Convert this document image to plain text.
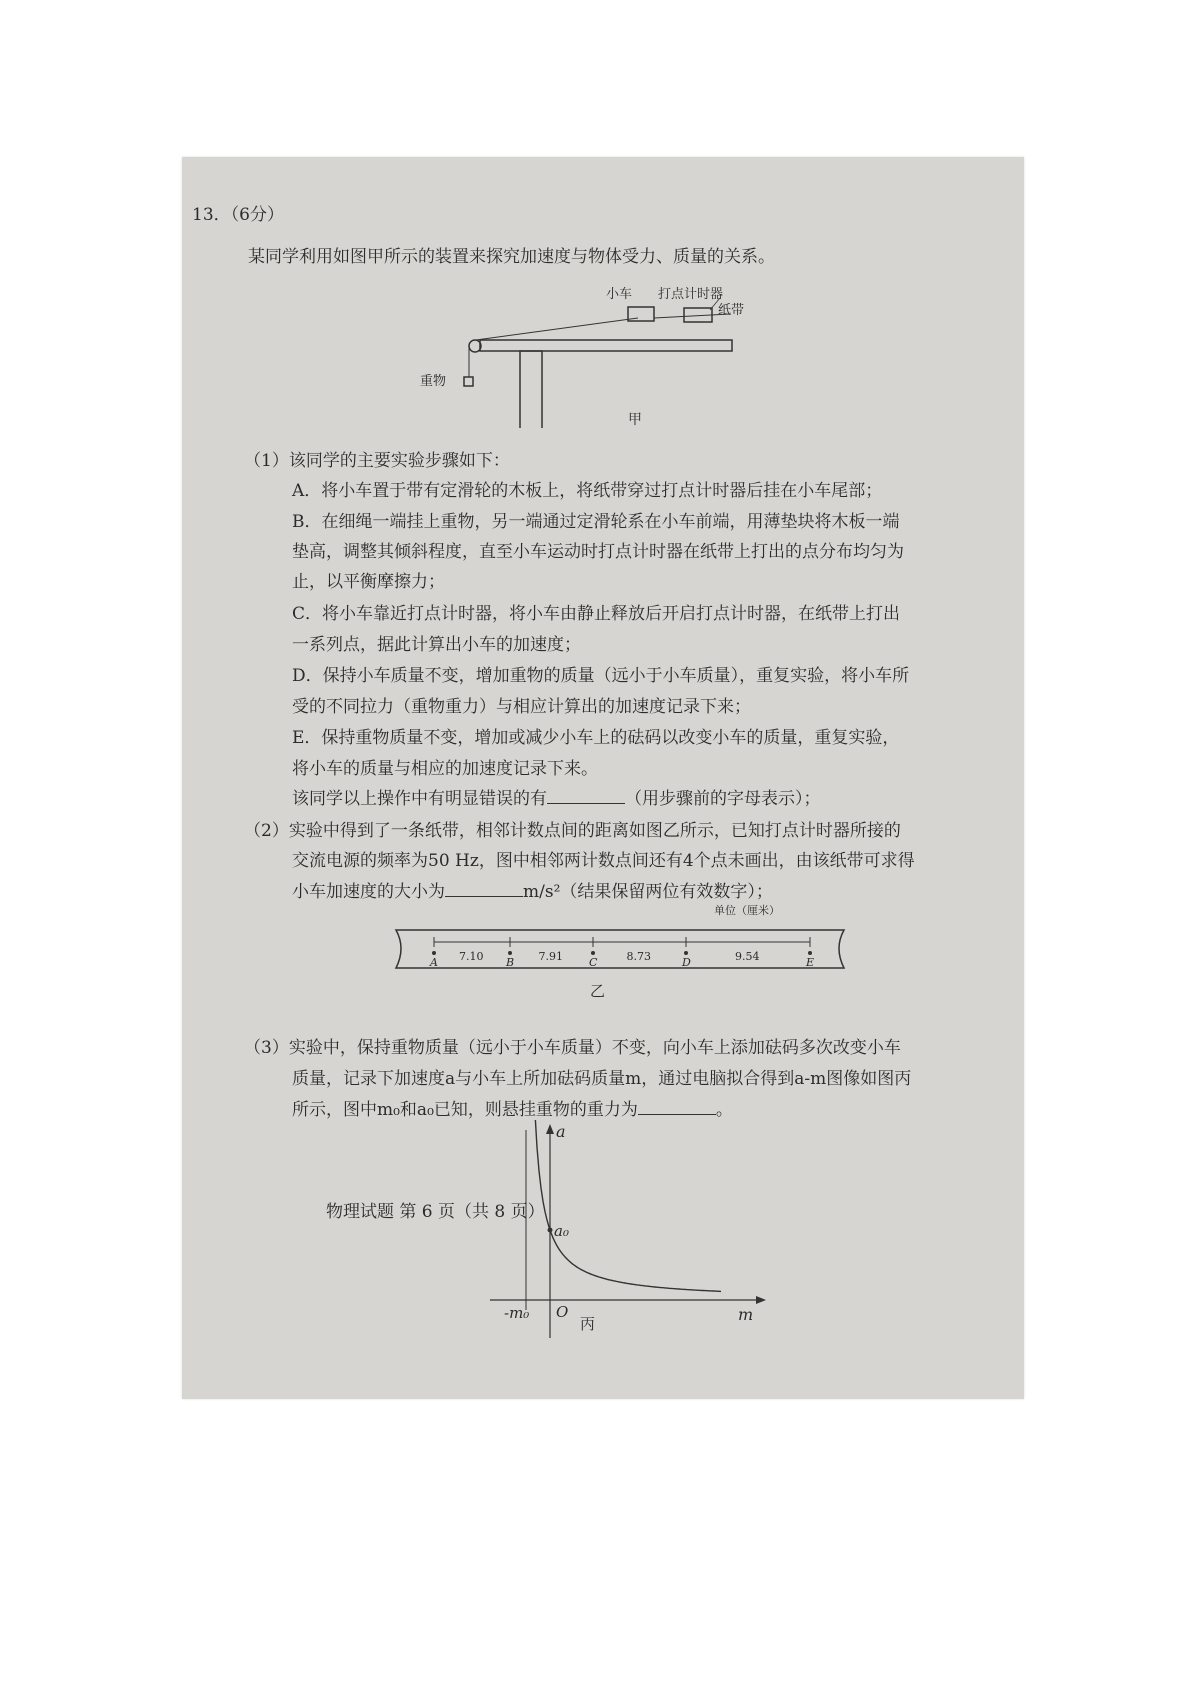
13．（6分）
某同学利用如图甲所示的装置来探究加速度与物体受力、质量的关系。
小车 打点计时器
纸带
重物
甲
（1）该同学的主要实验步骤如下：
A．将小车置于带有定滑轮的木板上，将纸带穿过打点计时器后挂在小车尾部；
B．在细绳一端挂上重物，另一端通过定滑轮系在小车前端，用薄垫块将木板一端
垫高，调整其倾斜程度，直至小车运动时打点计时器在纸带上打出的点分布均匀为
止，以平衡摩擦力；
C．将小车靠近打点计时器，将小车由静止释放后开启打点计时器，在纸带上打出
一系列点，据此计算出小车的加速度；
D．保持小车质量不变，增加重物的质量（远小于小车质量），重复实验，将小车所
受的不同拉力（重物重力）与相应计算出的加速度记录下来；
E．保持重物质量不变，增加或减少小车上的砝码以改变小车的质量，重复实验，
将小车的质量与相应的加速度记录下来。
该同学以上操作中有明显错误的有	（用步骤前的字母表示）；
（2）实验中得到了一条纸带，相邻计数点间的距离如图乙所示，已知打点计时器所接的
交流电源的频率为50 Hz，图中相邻两计数点间还有4个点未画出，由该纸带可求得
小车加速度的大小为	m/s²（结果保留两位有效数字）；
单位（厘米）
A	B	C	D	E
7.10	7.91	8.73	9.54
乙
（3）实验中，保持重物质量（远小于小车质量）不变，向小车上添加砝码多次改变小车
质量，记录下加速度a与小车上所加砝码质量m，通过电脑拟合得到a-m图像如图丙
所示，图中m₀和a₀已知，则悬挂重物的重力为	。
a
m
a₀
-m₀ O
丙
物理试题 第 6 页（共 8 页）
